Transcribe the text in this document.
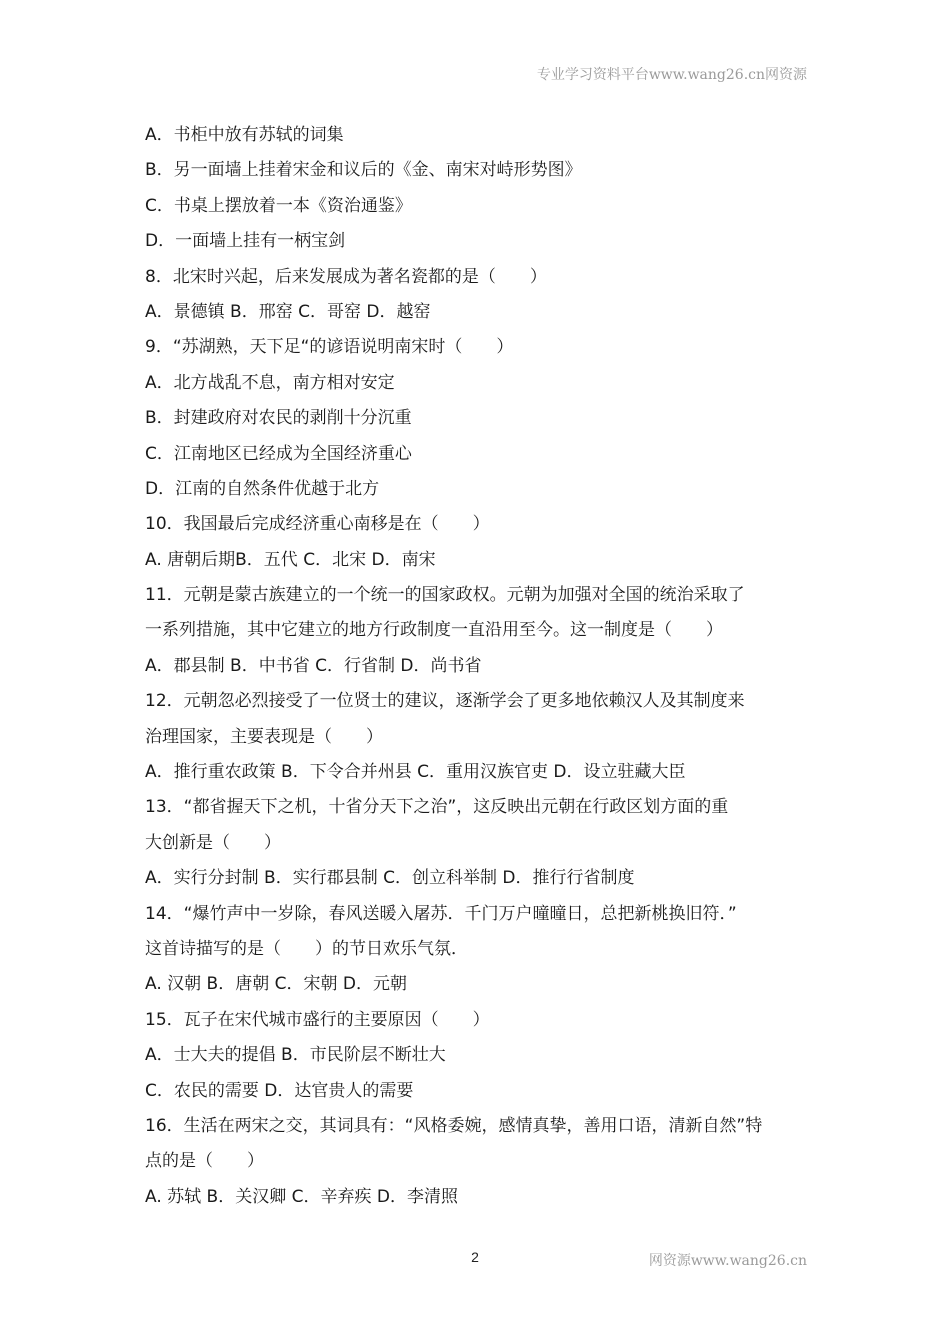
专业学习资料平台www.wang26.cn网资源
A．书柜中放有苏轼的词集
B．另一面墙上挂着宋金和议后的《金、南宋对峙形势图》
C．书桌上摆放着一本《资治通鉴》
D．一面墙上挂有一柄宝剑
8．北宋时兴起，后来发展成为著名瓷都的是（　　）
A．景德镇 B．邢窑 C．哥窑 D．越窑
9．“苏湖熟，天下足“的谚语说明南宋时（　　）
A．北方战乱不息，南方相对安定
B．封建政府对农民的剥削十分沉重
C．江南地区已经成为全国经济重心
D．江南的自然条件优越于北方
10．我国最后完成经济重心南移是在（　　）
A. 唐朝后期B．五代 C．北宋 D．南宋
11．元朝是蒙古族建立的一个统一的国家政权。元朝为加强对全国的统治采取了
一系列措施，其中它建立的地方行政制度一直沿用至今。这一制度是（　　）
A．郡县制 B．中书省 C．行省制 D．尚书省
12．元朝忽必烈接受了一位贤士的建议，逐渐学会了更多地依赖汉人及其制度来
治理国家，主要表现是（　　）
A．推行重农政策 B．下令合并州县 C．重用汉族官吏 D．设立驻藏大臣
13．“都省握天下之机，十省分天下之治”，这反映出元朝在行政区划方面的重
大创新是（　　）
A．实行分封制 B．实行郡县制 C．创立科举制 D．推行行省制度
14．“爆竹声中一岁除，春风送暖入屠苏．千门万户曈曈日，总把新桃换旧符．”
这首诗描写的是（　　）的节日欢乐气氛．
A. 汉朝 B．唐朝 C．宋朝 D．元朝
15．瓦子在宋代城市盛行的主要原因（　　）
A．士大夫的提倡 B．市民阶层不断壮大
C．农民的需要 D．达官贵人的需要
16．生活在两宋之交，其词具有：“风格委婉，感情真挚，善用口语，清新自然”特
点的是（　　）
A. 苏轼 B．关汉卿 C．辛弃疾 D．李清照
2	网资源www.wang26.cn
